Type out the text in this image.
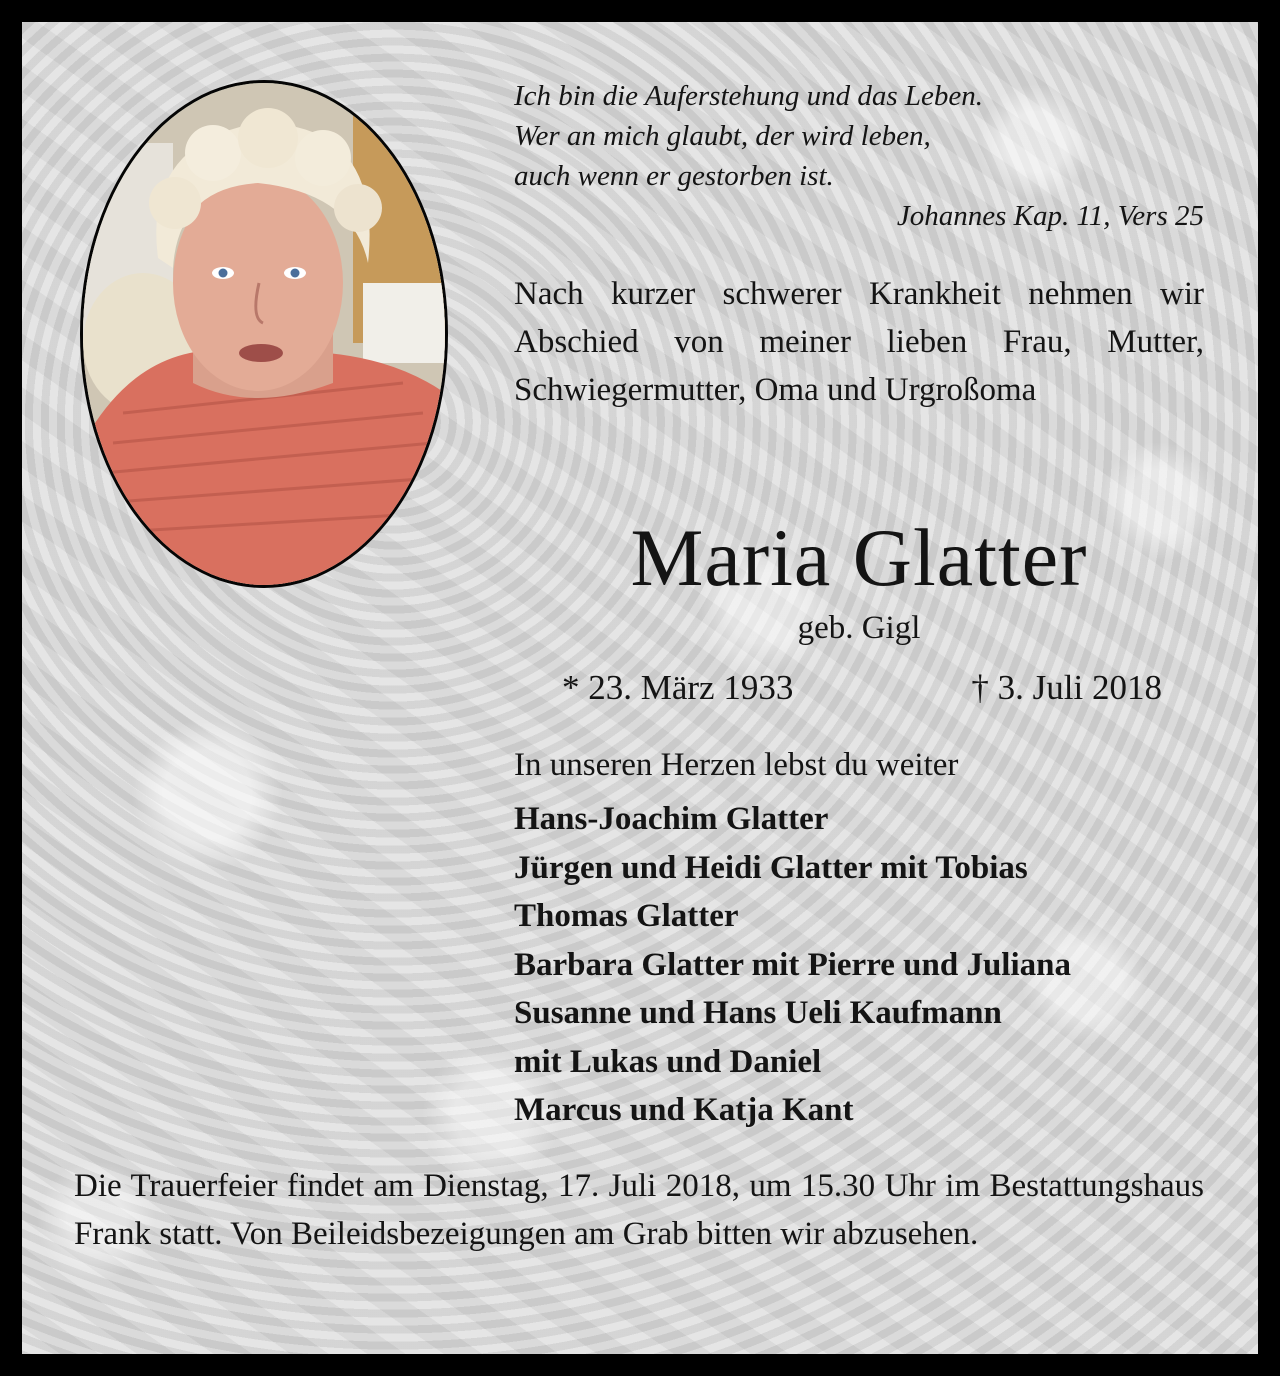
Ich bin die Auferstehung und das Leben.
Wer an mich glaubt, der wird leben,
auch wenn er gestorben ist.
Johannes Kap. 11, Vers 25
Nach kurzer schwerer Krankheit nehmen wir Abschied von meiner lieben Frau, Mutter, Schwiegermutter, Oma und Urgroßoma
Maria Glatter
geb. Gigl
* 23. März 1933	† 3. Juli 2018
In unseren Herzen lebst du weiter
Hans-Joachim Glatter
Jürgen und Heidi Glatter mit Tobias
Thomas Glatter
Barbara Glatter mit Pierre und Juliana
Susanne und Hans Ueli Kaufmann
mit Lukas und Daniel
Marcus und Katja Kant
Die Trauerfeier findet am Dienstag, 17. Juli 2018, um 15.30 Uhr im Bestattungshaus Frank statt. Von Beileidsbezeigungen am Grab bitten wir abzusehen.
